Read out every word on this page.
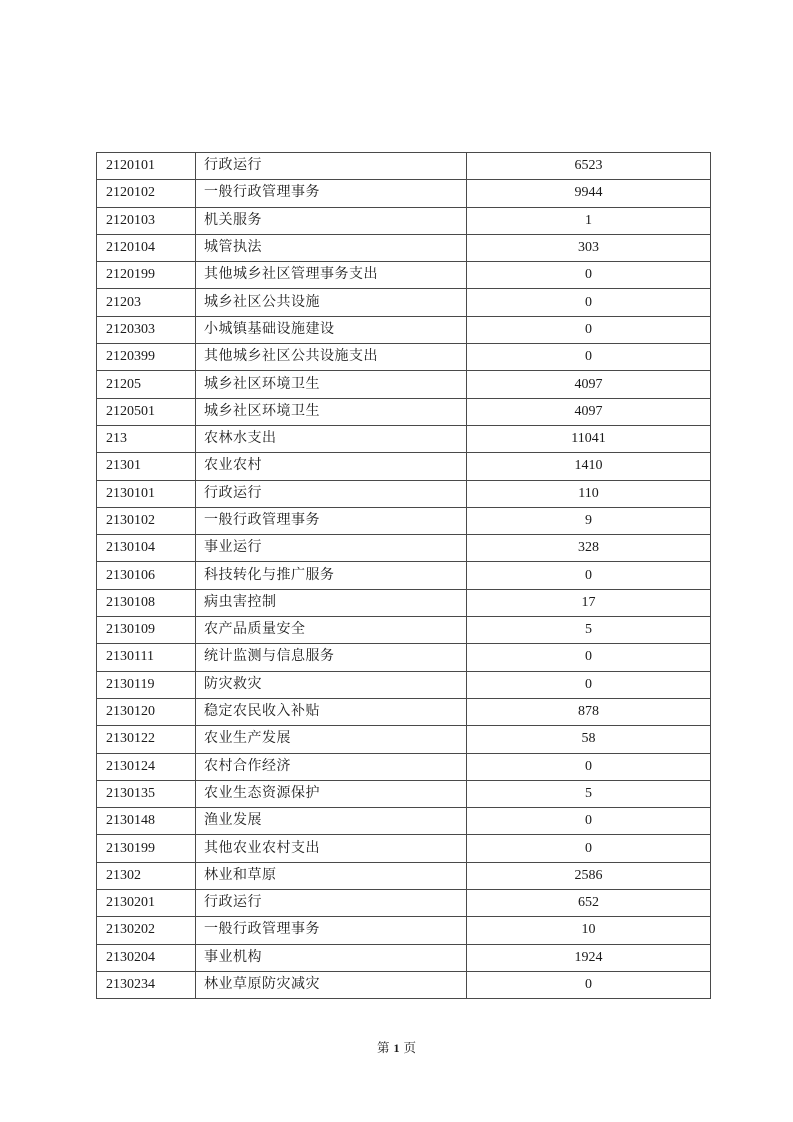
2120101	行政运行	6523
2120102	一般行政管理事务	9944
2120103	机关服务	1
2120104	城管执法	303
2120199	其他城乡社区管理事务支出	0
21203	城乡社区公共设施	0
2120303	小城镇基础设施建设	0
2120399	其他城乡社区公共设施支出	0
21205	城乡社区环境卫生	4097
2120501	城乡社区环境卫生	4097
213	农林水支出	11041
21301	农业农村	1410
2130101	行政运行	110
2130102	一般行政管理事务	9
2130104	事业运行	328
2130106	科技转化与推广服务	0
2130108	病虫害控制	17
2130109	农产品质量安全	5
2130111	统计监测与信息服务	0
2130119	防灾救灾	0
2130120	稳定农民收入补贴	878
2130122	农业生产发展	58
2130124	农村合作经济	0
2130135	农业生态资源保护	5
2130148	渔业发展	0
2130199	其他农业农村支出	0
21302	林业和草原	2586
2130201	行政运行	652
2130202	一般行政管理事务	10
2130204	事业机构	1924
2130234	林业草原防灾减灾	0
第 1 页
